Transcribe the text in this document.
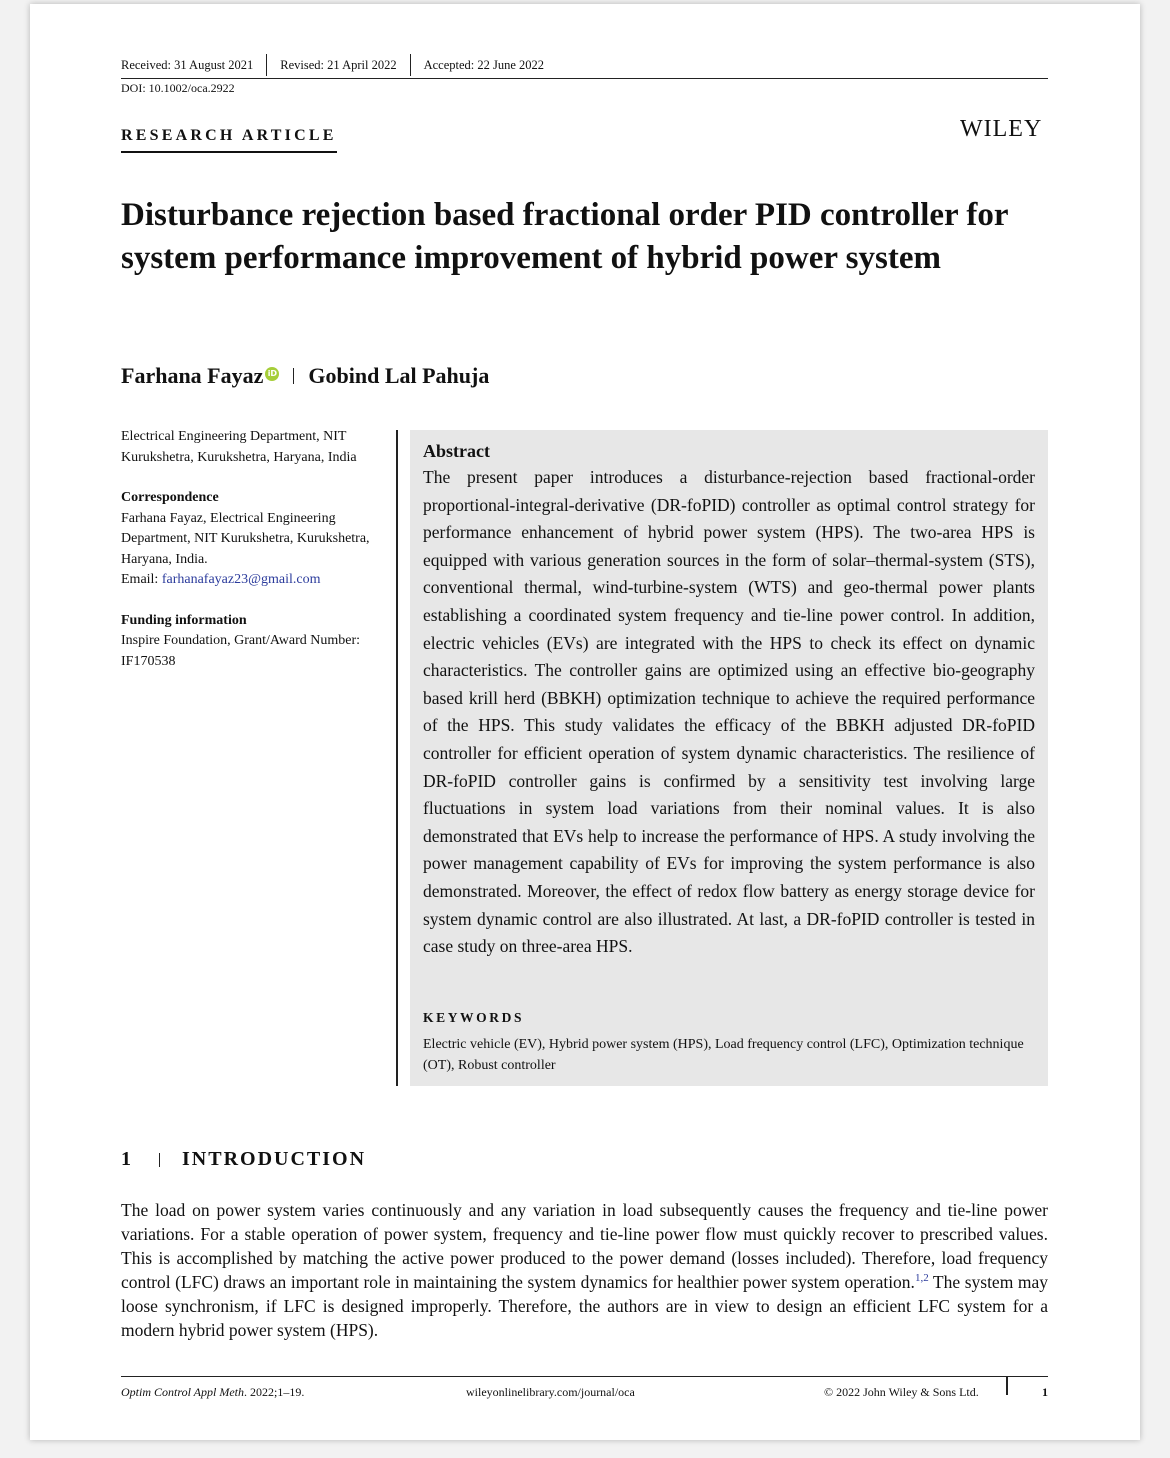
Received: 31 August 2021	Revised: 21 April 2022	Accepted: 22 June 2022
DOI: 10.1002/oca.2922
RESEARCH ARTICLE	WILEY
Disturbance rejection based fractional order PID controller for system performance improvement of hybrid power system
Farhana Fayaz iD Gobind Lal Pahuja

Electrical Engineering Department, NIT Kurukshetra, Kurukshetra, Haryana, India

Correspondence

Farhana Fayaz, Electrical Engineering Department, NIT Kurukshetra, Kurukshetra, Haryana, India.

Email: farhanafayaz23@gmail.com

Funding information

Inspire Foundation, Grant/Award Number: IF170538

Abstract

The present paper introduces a disturbance-rejection based fractional-order proportional-integral-derivative (DR-foPID) controller as optimal control strategy for performance enhancement of hybrid power system (HPS). The two-area HPS is equipped with various generation sources in the form of solar–thermal-system (STS), conventional thermal, wind-turbine-system (WTS) and geo-thermal power plants establishing a coordinated system frequency and tie-line power control. In addition, electric vehicles (EVs) are integrated with the HPS to check its effect on dynamic characteristics. The controller gains are optimized using an effective bio-geography based krill herd (BBKH) optimization technique to achieve the required performance of the HPS. This study validates the efficacy of the BBKH adjusted DR-foPID controller for efficient operation of system dynamic characteristics. The resilience of DR-foPID controller gains is confirmed by a sensitivity test involving large fluctuations in system load variations from their nominal values. It is also demonstrated that EVs help to increase the performance of HPS. A study involving the power management capability of EVs for improving the system performance is also demonstrated. Moreover, the effect of redox flow battery as energy storage device for system dynamic control are also illustrated. At last, a DR-foPID controller is tested in case study on three-area HPS.

KEYWORDS
Electric vehicle (EV), Hybrid power system (HPS), Load frequency control (LFC), Optimization technique (OT), Robust controller
1 INTRODUCTION

The load on power system varies continuously and any variation in load subsequently causes the frequency and tie-line power variations. For a stable operation of power system, frequency and tie-line power flow must quickly recover to prescribed values. This is accomplished by matching the active power produced to the power demand (losses included). Therefore, load frequency control (LFC) draws an important role in maintaining the system dynamics for healthier power system operation.$^{1,2}$ The system may loose synchronism, if LFC is designed improperly. Therefore, the authors are in view to design an efficient LFC system for a modern hybrid power system (HPS).

Optim Control Appl Meth. 2022;1–19.	wileyonlinelibrary.com/journal/oca	© 2022 John Wiley & Sons Ltd.	1
